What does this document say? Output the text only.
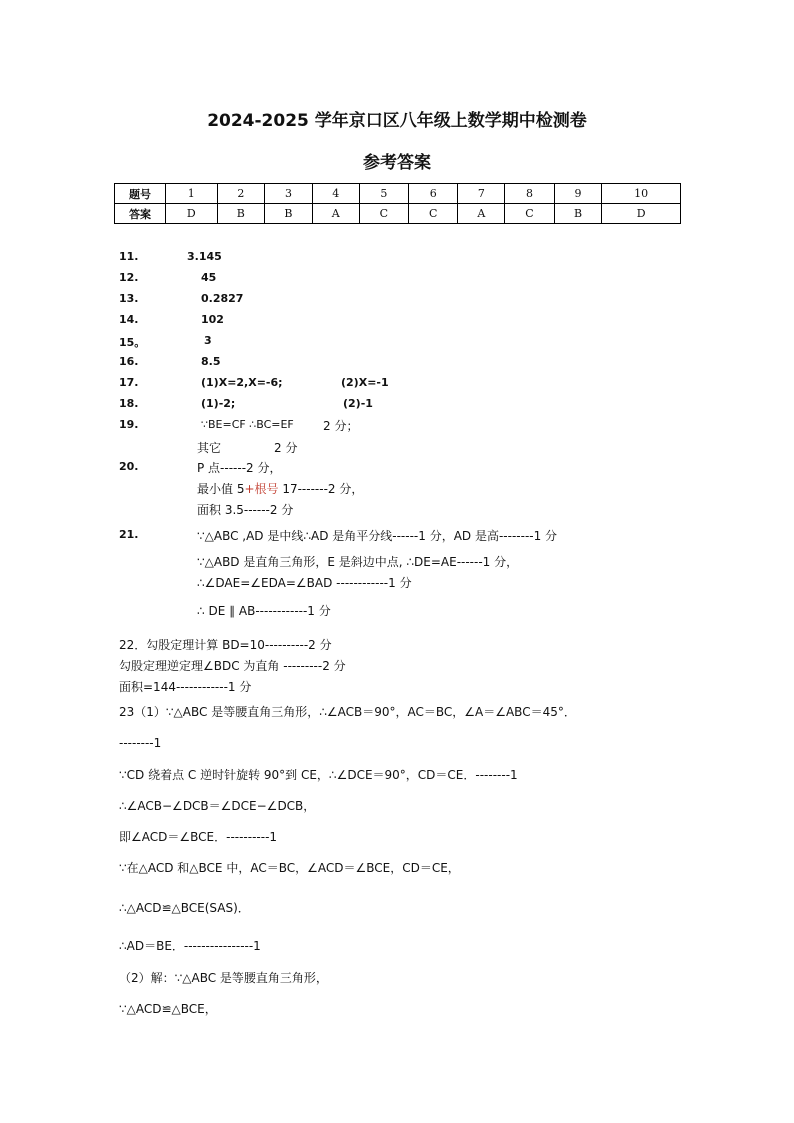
2024-2025 学年京口区八年级上数学期中检测卷
参考答案
题号	1	2	3	4	5	6	7	8	9	10
答案	D	B	B	A	C	C	A	C	B	D
11.	3.145
12.	45
13.	0.2827
14.	102
15。	3
16.	8.5
17.	(1)X=2,X=-6;	(2)X=-1
18.	(1)-2;	(2)-1
19.	∵BE=CF ∴BC=EF 2 分；
其它	2 分
20.	P 点------2 分，
最小值 5+根号 17-------2 分，
面积 3.5------2 分
21.	∵△ABC ,AD 是中线∴AD 是角平分线------1 分，AD 是高--------1 分
∵△ABD 是直角三角形，E 是斜边中点, ∴DE=AE------1 分，
∴∠DAE=∠EDA=∠BAD ------------1 分
∴ DE ∥ AB------------1 分
22．勾股定理计算 BD=10----------2 分
勾股定理逆定理∠BDC 为直角 ---------2 分
面积=144------------1 分
23（1）∵△ABC 是等腰直角三角形，∴∠ACB＝90°，AC＝BC，∠A＝∠ABC＝45°．
--------1
∵CD 绕着点 C 逆时针旋转 90°到 CE，∴∠DCE＝90°，CD＝CE．--------1
∴∠ACB−∠DCB＝∠DCE−∠DCB，
即∠ACD＝∠BCE．----------1
∵在△ACD 和△BCE 中，AC＝BC，∠ACD＝∠BCE，CD＝CE，
∴△ACD≌△BCE(SAS)．
∴AD＝BE．----------------1
（2）解：∵△ABC 是等腰直角三角形，
∵△ACD≌△BCE，
